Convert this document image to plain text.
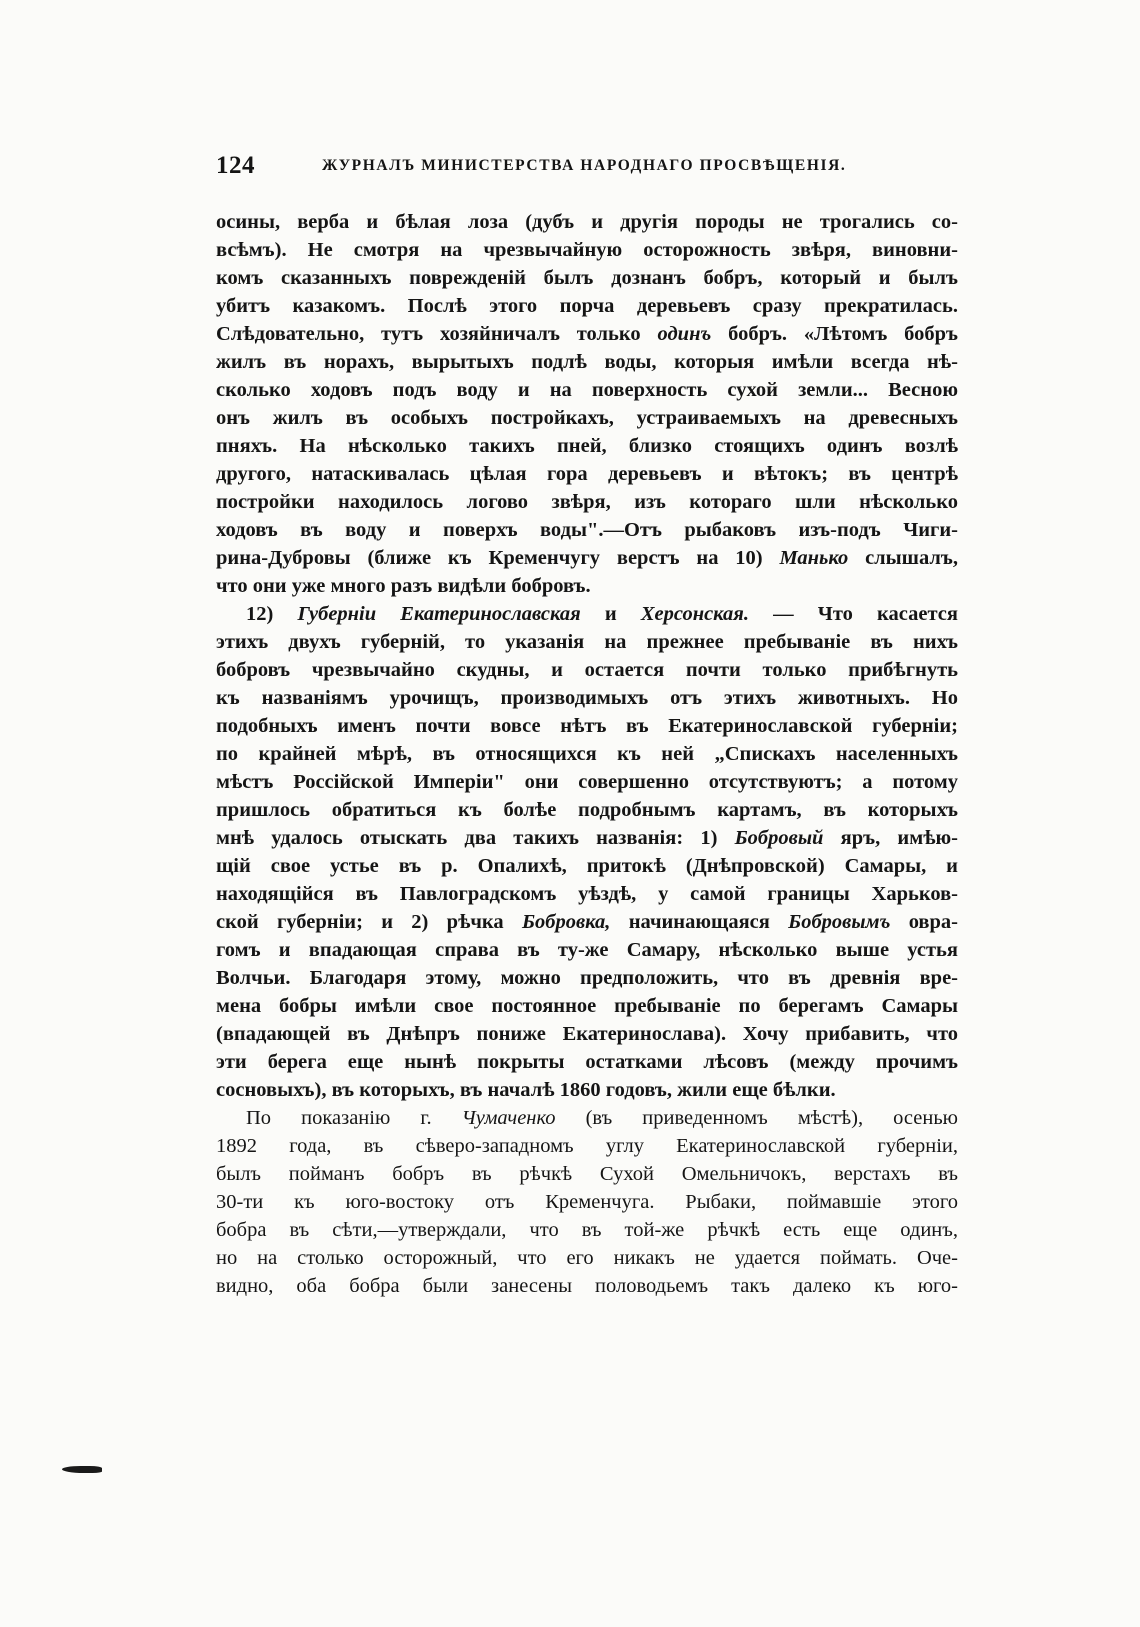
124	ЖУРНАЛЪ МИНИСТЕРСТВА НАРОДНАГО ПРОСВѢЩЕНІЯ.
осины, верба и бѣлая лоза (дубъ и другія породы не трогались со-
всѣмъ). Не смотря на чрезвычайную осторожность звѣря, виновни-
комъ сказанныхъ поврежденій былъ дознанъ бобръ, который и былъ
убитъ казакомъ. Послѣ этого порча деревьевъ сразу прекратилась.
Слѣдовательно, тутъ хозяйничалъ только одинъ бобръ. «Лѣтомъ бобръ
жилъ въ норахъ, вырытыхъ подлѣ воды, которыя имѣли всегда нѣ-
сколько ходовъ подъ воду и на поверхность сухой земли... Весною
онъ жилъ въ особыхъ постройкахъ, устраиваемыхъ на древесныхъ
пняхъ. На нѣсколько такихъ пней, близко стоящихъ одинъ возлѣ
другого, натаскивалась цѣлая гора деревьевъ и вѣтокъ; въ центрѣ
постройки находилось логово звѣря, изъ котораго шли нѣсколько
ходовъ въ воду и поверхъ воды".—Отъ рыбаковъ изъ-подъ Чиги-
рина-Дубровы (ближе къ Кременчугу верстъ на 10) Манько слышалъ,
что они уже много разъ видѣли бобровъ.
12) Губерніи Екатеринославская и Херсонская. — Что касается
этихъ двухъ губерній, то указанія на прежнее пребываніе въ нихъ
бобровъ чрезвычайно скудны, и остается почти только прибѣгнуть
къ названіямъ урочищъ, производимыхъ отъ этихъ животныхъ. Но
подобныхъ именъ почти вовсе нѣтъ въ Екатеринославской губерніи;
по крайней мѣрѣ, въ относящихся къ ней „Спискахъ населенныхъ
мѣстъ Россійской Имперіи" они совершенно отсутствуютъ; а потому
пришлось обратиться къ болѣе подробнымъ картамъ, въ которыхъ
мнѣ удалось отыскать два такихъ названія: 1) Бобровый яръ, имѣю-
щій свое устье въ р. Опалихѣ, притокѣ (Днѣпровской) Самары, и
находящійся въ Павлоградскомъ уѣздѣ, у самой границы Харьков-
ской губерніи; и 2) рѣчка Бобровка, начинающаяся Бобровымъ овра-
гомъ и впадающая справа въ ту-же Самару, нѣсколько выше устья
Волчьи. Благодаря этому, можно предположить, что въ древнія вре-
мена бобры имѣли свое постоянное пребываніе по берегамъ Самары
(впадающей въ Днѣпръ пониже Екатеринослава). Хочу прибавить, что
эти берега еще нынѣ покрыты остатками лѣсовъ (между прочимъ
сосновыхъ), въ которыхъ, въ началѣ 1860 годовъ, жили еще бѣлки.
По показанію г. Чумаченко (въ приведенномъ мѣстѣ), осенью
1892 года, въ сѣверо-западномъ углу Екатеринославской губерніи,
былъ пойманъ бобръ въ рѣчкѣ Сухой Омельничокъ, верстахъ въ
30-ти къ юго-востоку отъ Кременчуга. Рыбаки, поймавшіе этого
бобра въ сѣти,—утверждали, что въ той-же рѣчкѣ есть еще одинъ,
но на столько осторожный, что его никакъ не удается поймать. Оче-
видно, оба бобра были занесены половодьемъ такъ далеко къ юго-
